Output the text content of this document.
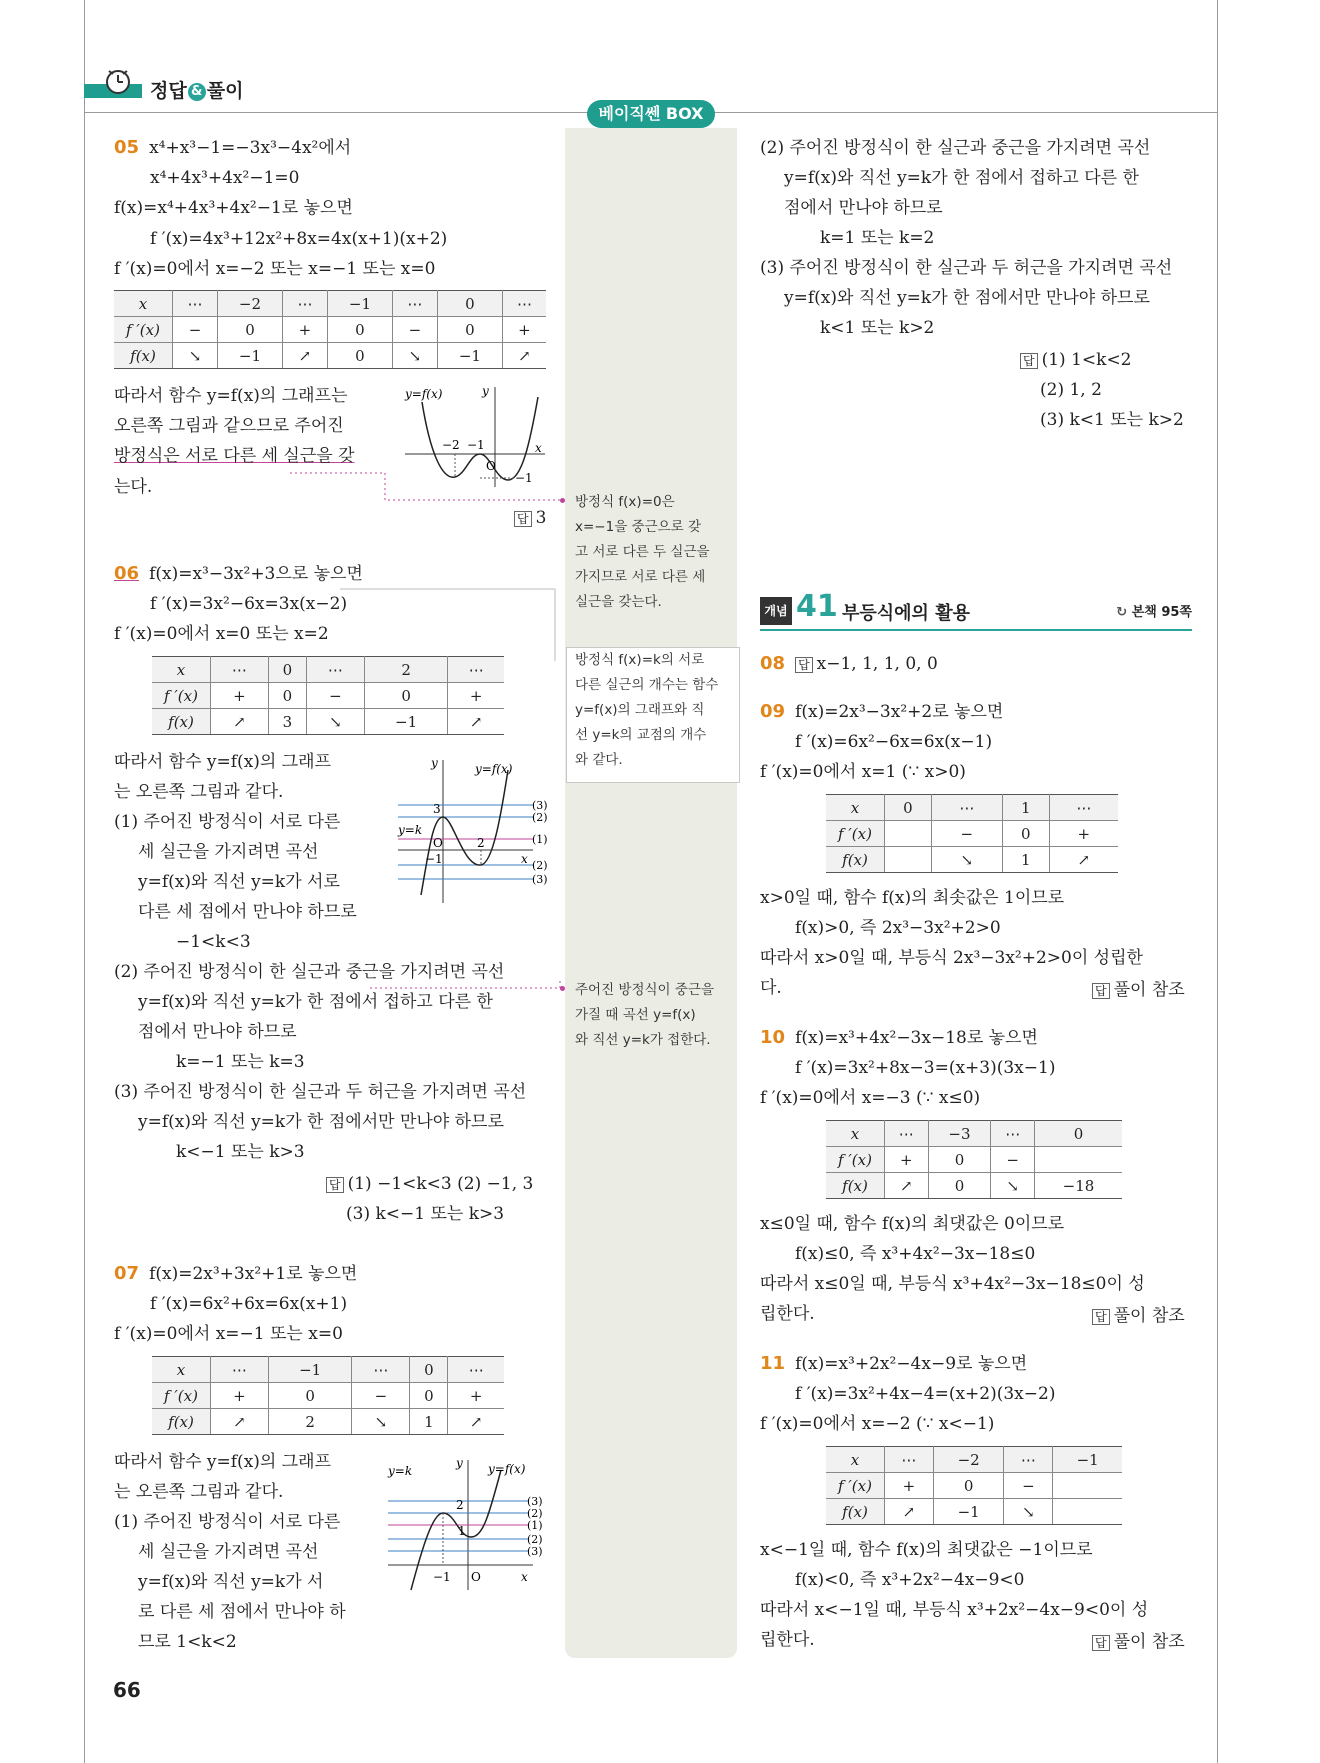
정답 & 풀이
베이직쎈 BOX
05 x⁴+x³−1=−3x³−4x²에서
x⁴+4x³+4x²−1=0
f(x)=x⁴+4x³+4x²−1로 놓으면
f ′(x)=4x³+12x²+8x=4x(x+1)(x+2)
f ′(x)=0에서 x=−2 또는 x=−1 또는 x=0
x	⋯	−2	⋯	−1	⋯	0	⋯
f ′(x)	−	0	+	0	−	0	+
f(x)	↘	−1	↗	0	↘	−1	↗
따라서 함수 y=f(x)의 그래프는
오른쪽 그림과 같으므로 주어진
방정식은 서로 다른 세 실근을 갖
는다.
y=f(x)	y
x
O
−2 −1
−1
답 3
방정식 f(x)=0은
x=−1을 중근으로 갖
고 서로 다른 두 실근을
가지므로 서로 다른 세
실근을 갖는다.
06 f(x)=x³−3x²+3으로 놓으면
f ′(x)=3x²−6x=3x(x−2)
f ′(x)=0에서 x=0 또는 x=2
x	⋯	0	⋯	2	⋯
f ′(x)	+	0	−	0	+
f(x)	↗	3	↘	−1	↗
따라서 함수 y=f(x)의 그래프
는 오른쪽 그림과 같다.
(1) 주어진 방정식이 서로 다른
세 실근을 가지려면 곡선
y=f(x)와 직선 y=k가 서로
다른 세 점에서 만나야 하므로
−1<k<3
(2) 주어진 방정식이 한 실근과 중근을 가지려면 곡선
y=f(x)와 직선 y=k가 한 점에서 접하고 다른 한
점에서 만나야 하므로
k=−1 또는 k=3
(3) 주어진 방정식이 한 실근과 두 허근을 가지려면 곡선
y=f(x)와 직선 y=k가 한 점에서만 만나야 하므로
k<−1 또는 k>3
답 (1) −1<k<3 (2) −1, 3
(3) k<−1 또는 k>3
y=f(x)
y=k
y
x
O
3
−1
2
(3)
(2)
(1)
(2)
(3)
방정식 f(x)=k의 서로
다른 실근의 개수는 함수
y=f(x)의 그래프와 직
선 y=k의 교점의 개수
와 같다.
주어진 방정식이 중근을
가질 때 곡선 y=f(x)
와 직선 y=k가 접한다.
07 f(x)=2x³+3x²+1로 놓으면
f ′(x)=6x²+6x=6x(x+1)
f ′(x)=0에서 x=−1 또는 x=0
x	⋯	−1	⋯	0	⋯
f ′(x)	+	0	−	0	+
f(x)	↗	2	↘	1	↗
따라서 함수 y=f(x)의 그래프
는 오른쪽 그림과 같다.
(1) 주어진 방정식이 서로 다른
세 실근을 가지려면 곡선
y=f(x)와 직선 y=k가 서
로 다른 세 점에서 만나야 하
므로 1<k<2
y=f(x)
y=k
y
x
O
2
1
−1
(3)
(2)
(1)
(2)
(3)
66
(2) 주어진 방정식이 한 실근과 중근을 가지려면 곡선
y=f(x)와 직선 y=k가 한 점에서 접하고 다른 한
점에서 만나야 하므로
k=1 또는 k=2
(3) 주어진 방정식이 한 실근과 두 허근을 가지려면 곡선
y=f(x)와 직선 y=k가 한 점에서만 만나야 하므로
k<1 또는 k>2
답 (1) 1<k<2
(2) 1, 2
(3) k<1 또는 k>2
개념 41 부등식에의 활용	↻ 본책 95쪽
08 답 x−1, 1, 1, 0, 0
09 f(x)=2x³−3x²+2로 놓으면
f ′(x)=6x²−6x=6x(x−1)
f ′(x)=0에서 x=1 (∵ x>0)
x	0	⋯	1	⋯
f ′(x)		−	0	+
f(x)		↘	1	↗
x>0일 때, 함수 f(x)의 최솟값은 1이므로
f(x)>0, 즉 2x³−3x²+2>0
따라서 x>0일 때, 부등식 2x³−3x²+2>0이 성립한
다.	답 풀이 참조
10 f(x)=x³+4x²−3x−18로 놓으면
f ′(x)=3x²+8x−3=(x+3)(3x−1)
f ′(x)=0에서 x=−3 (∵ x≤0)
x	⋯	−3	⋯	0
f ′(x)	+	0	−	
f(x)	↗	0	↘	−18
x≤0일 때, 함수 f(x)의 최댓값은 0이므로
f(x)≤0, 즉 x³+4x²−3x−18≤0
따라서 x≤0일 때, 부등식 x³+4x²−3x−18≤0이 성
립한다.	답 풀이 참조
11 f(x)=x³+2x²−4x−9로 놓으면
f ′(x)=3x²+4x−4=(x+2)(3x−2)
f ′(x)=0에서 x=−2 (∵ x<−1)
x	⋯	−2	⋯	−1
f ′(x)	+	0	−	
f(x)	↗	−1	↘	
x<−1일 때, 함수 f(x)의 최댓값은 −1이므로
f(x)<0, 즉 x³+2x²−4x−9<0
따라서 x<−1일 때, 부등식 x³+2x²−4x−9<0이 성
립한다.	답 풀이 참조
